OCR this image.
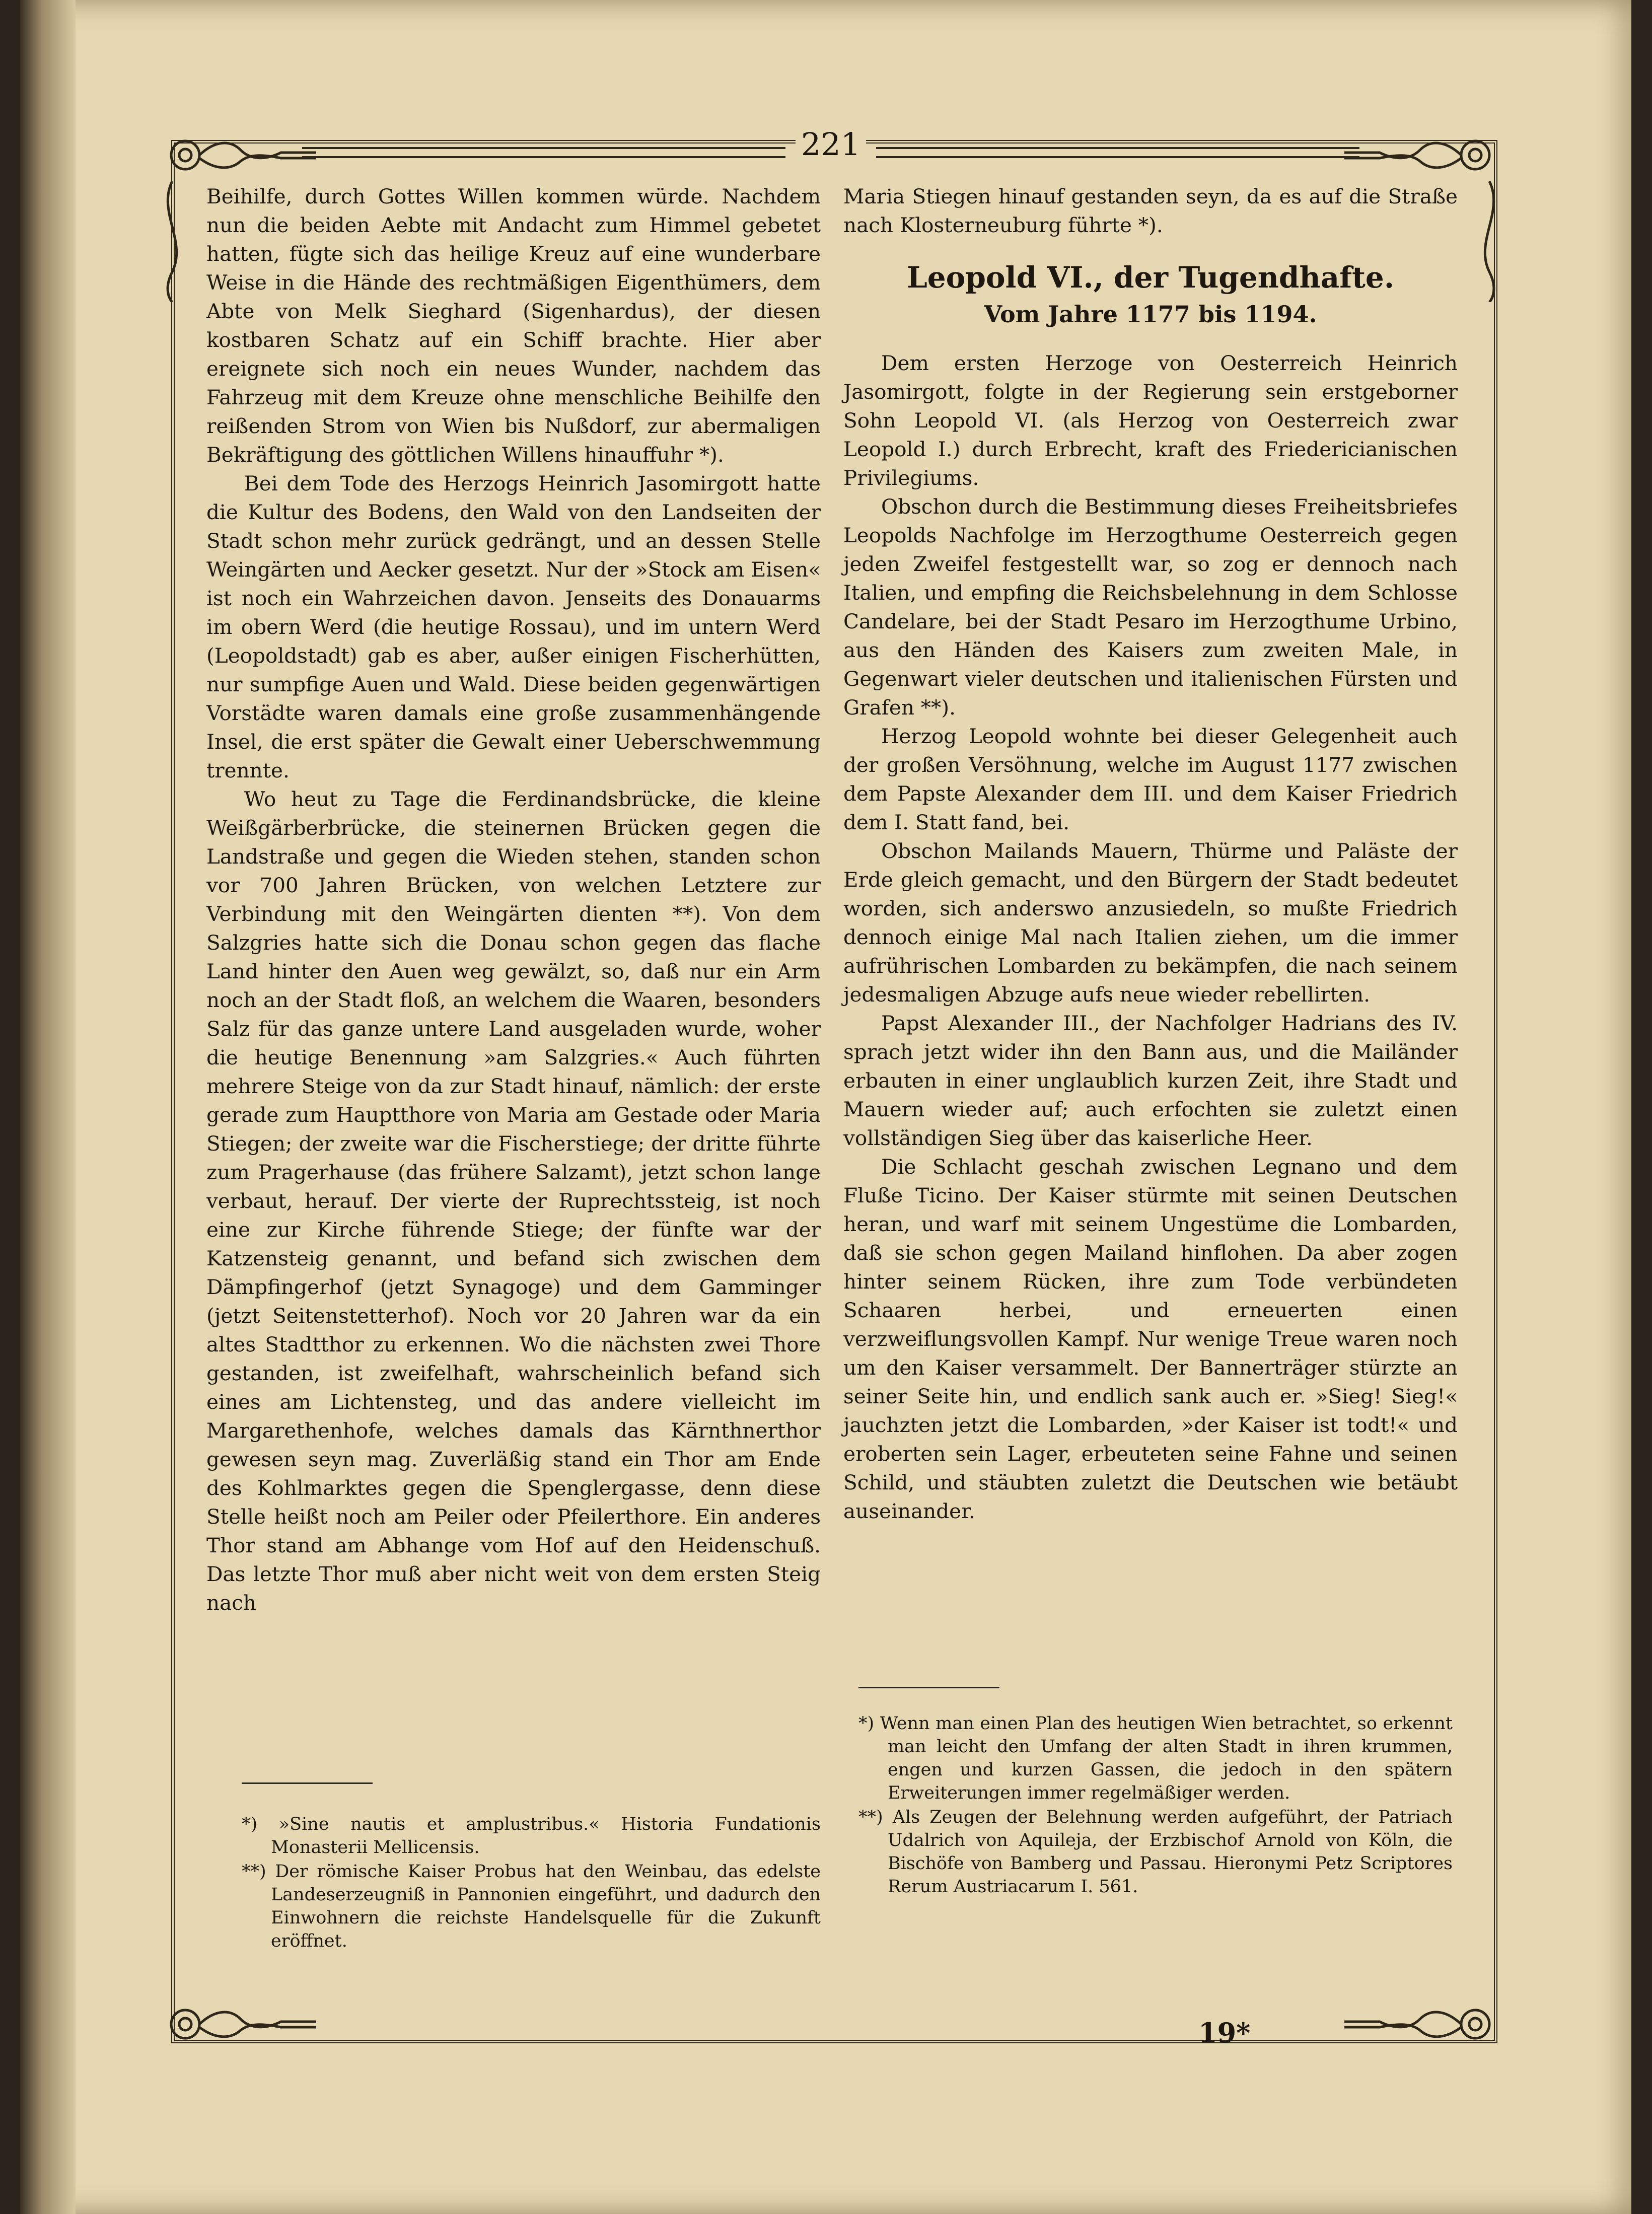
221

Beihilfe, durch Gottes Willen kommen würde. Nachdem nun die beiden Aebte mit Andacht zum Himmel gebetet hatten, fügte sich das heilige Kreuz auf eine wunderbare Weise in die Hände des rechtmäßigen Eigenthümers, dem Abte von Melk Sieghard (Sigenhardus), der diesen kostbaren Schatz auf ein Schiff brachte. Hier aber ereignete sich noch ein neues Wunder, nachdem das Fahrzeug mit dem Kreuze ohne menschliche Beihilfe den reißenden Strom von Wien bis Nußdorf, zur abermaligen Bekräftigung des göttlichen Willens hinauffuhr *).

Bei dem Tode des Herzogs Heinrich Jasomirgott hatte die Kultur des Bodens, den Wald von den Landseiten der Stadt schon mehr zurück gedrängt, und an dessen Stelle Weingärten und Aecker gesetzt. Nur der »Stock am Eisen« ist noch ein Wahrzeichen davon. Jenseits des Donauarms im obern Werd (die heutige Rossau), und im untern Werd (Leopoldstadt) gab es aber, außer einigen Fischerhütten, nur sumpfige Auen und Wald. Diese beiden gegenwärtigen Vorstädte waren damals eine große zusammenhängende Insel, die erst später die Gewalt einer Ueberschwemmung trennte.

Wo heut zu Tage die Ferdinandsbrücke, die kleine Weißgärberbrücke, die steinernen Brücken gegen die Landstraße und gegen die Wieden stehen, standen schon vor 700 Jahren Brücken, von welchen Letztere zur Verbindung mit den Weingärten dienten **). Von dem Salzgries hatte sich die Donau schon gegen das flache Land hinter den Auen weg gewälzt, so, daß nur ein Arm noch an der Stadt floß, an welchem die Waaren, besonders Salz für das ganze untere Land ausgeladen wurde, woher die heutige Benennung »am Salzgries.« Auch führten mehrere Steige von da zur Stadt hinauf, nämlich: der erste gerade zum Hauptthore von Maria am Gestade oder Maria Stiegen; der zweite war die Fischerstiege; der dritte führte zum Pragerhause (das frühere Salzamt), jetzt schon lange verbaut, herauf. Der vierte der Ruprechtssteig, ist noch eine zur Kirche führende Stiege; der fünfte war der Katzensteig genannt, und befand sich zwischen dem Dämpfingerhof (jetzt Synagoge) und dem Gamminger (jetzt Seitenstetterhof). Noch vor 20 Jahren war da ein altes Stadtthor zu erkennen. Wo die nächsten zwei Thore gestanden, ist zweifelhaft, wahrscheinlich befand sich eines am Lichtensteg, und das andere vielleicht im Margarethenhofe, welches damals das Kärnthnerthor gewesen seyn mag. Zuverläßig stand ein Thor am Ende des Kohlmarktes gegen die Spenglergasse, denn diese Stelle heißt noch am Peiler oder Pfeilerthore. Ein anderes Thor stand am Abhange vom Hof auf den Heidenschuß. Das letzte Thor muß aber nicht weit von dem ersten Steig nach

*) »Sine nautis et amplustribus.« Historia Fundationis Monasterii Mellicensis.

**) Der römische Kaiser Probus hat den Weinbau, das edelste Landeserzeugniß in Pannonien eingeführt, und dadurch den Einwohnern die reichste Handelsquelle für die Zukunft eröffnet.

Maria Stiegen hinauf gestanden seyn, da es auf die Straße nach Klosterneuburg führte *).

Leopold VI., der Tugendhafte.
Vom Jahre 1177 bis 1194.

Dem ersten Herzoge von Oesterreich Heinrich Jasomirgott, folgte in der Regierung sein erstgeborner Sohn Leopold VI. (als Herzog von Oesterreich zwar Leopold I.) durch Erbrecht, kraft des Friedericianischen Privilegiums.

Obschon durch die Bestimmung dieses Freiheitsbriefes Leopolds Nachfolge im Herzogthume Oesterreich gegen jeden Zweifel festgestellt war, so zog er dennoch nach Italien, und empfing die Reichsbelehnung in dem Schlosse Candelare, bei der Stadt Pesaro im Herzogthume Urbino, aus den Händen des Kaisers zum zweiten Male, in Gegenwart vieler deutschen und italienischen Fürsten und Grafen **).

Herzog Leopold wohnte bei dieser Gelegenheit auch der großen Versöhnung, welche im August 1177 zwischen dem Papste Alexander dem III. und dem Kaiser Friedrich dem I. Statt fand, bei.

Obschon Mailands Mauern, Thürme und Paläste der Erde gleich gemacht, und den Bürgern der Stadt bedeutet worden, sich anderswo anzusiedeln, so mußte Friedrich dennoch einige Mal nach Italien ziehen, um die immer aufrührischen Lombarden zu bekämpfen, die nach seinem jedesmaligen Abzuge aufs neue wieder rebellirten.

Papst Alexander III., der Nachfolger Hadrians des IV. sprach jetzt wider ihn den Bann aus, und die Mailänder erbauten in einer unglaublich kurzen Zeit, ihre Stadt und Mauern wieder auf; auch erfochten sie zuletzt einen vollständigen Sieg über das kaiserliche Heer.

Die Schlacht geschah zwischen Legnano und dem Fluße Ticino. Der Kaiser stürmte mit seinen Deutschen heran, und warf mit seinem Ungestüme die Lombarden, daß sie schon gegen Mailand hinflohen. Da aber zogen hinter seinem Rücken, ihre zum Tode verbündeten Schaaren herbei, und erneuerten einen verzweiflungsvollen Kampf. Nur wenige Treue waren noch um den Kaiser versammelt. Der Bannerträger stürzte an seiner Seite hin, und endlich sank auch er. »Sieg! Sieg!« jauchzten jetzt die Lombarden, »der Kaiser ist todt!« und eroberten sein Lager, erbeuteten seine Fahne und seinen Schild, und stäubten zuletzt die Deutschen wie betäubt auseinander.

*) Wenn man einen Plan des heutigen Wien betrachtet, so erkennt man leicht den Umfang der alten Stadt in ihren krummen, engen und kurzen Gassen, die jedoch in den spätern Erweiterungen immer regelmäßiger werden.

**) Als Zeugen der Belehnung werden aufgeführt, der Patriach Udalrich von Aquileja, der Erzbischof Arnold von Köln, die Bischöfe von Bamberg und Passau. Hieronymi Petz Scriptores Rerum Austriacarum I. 561.

19*
